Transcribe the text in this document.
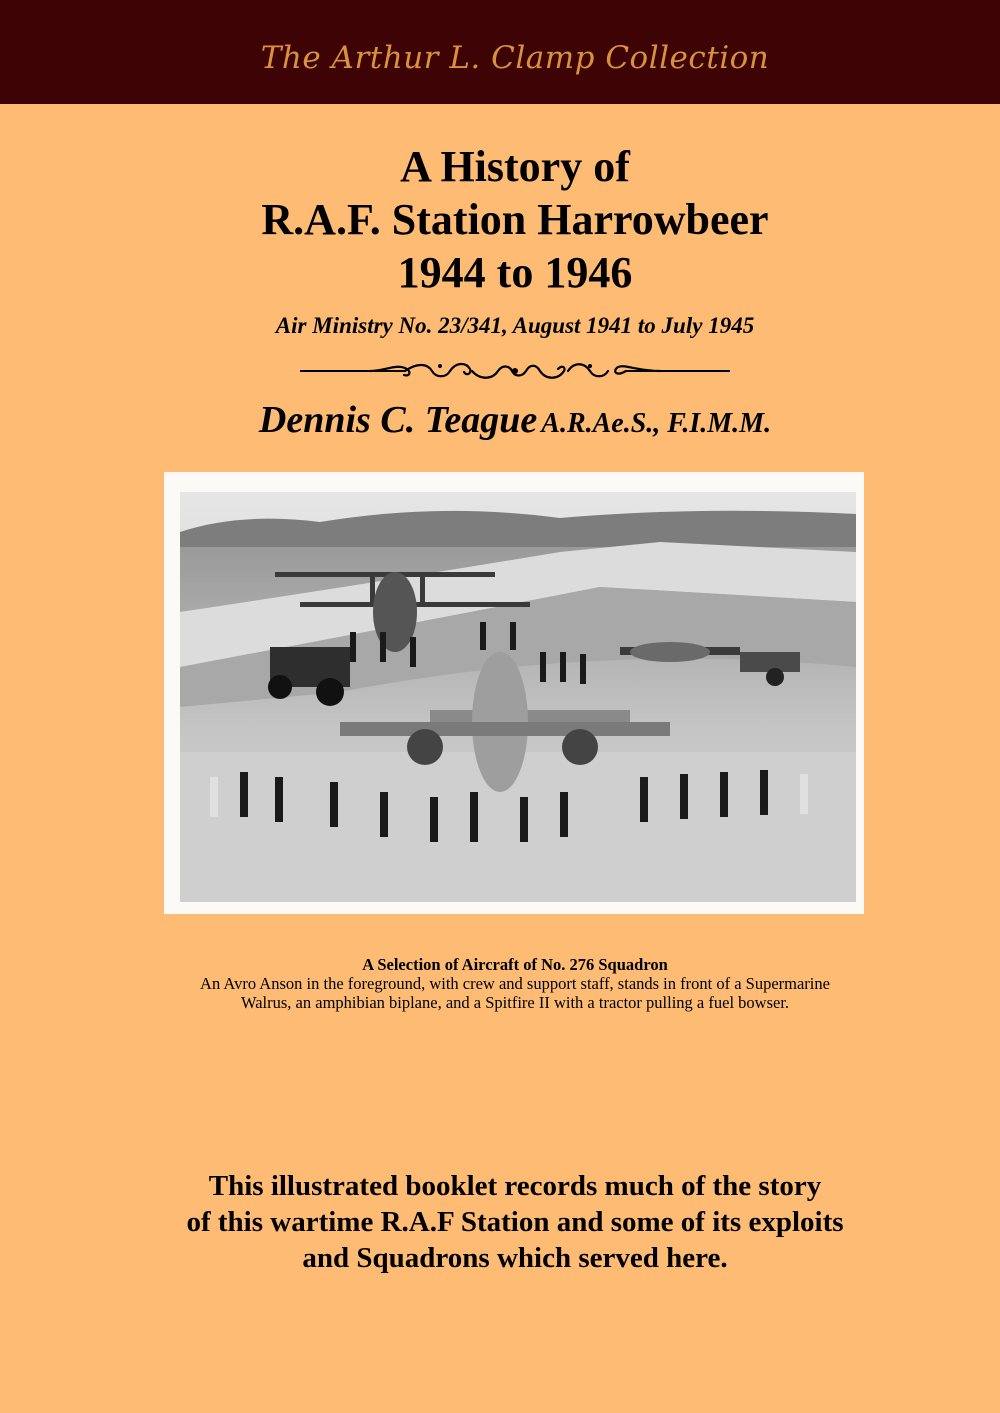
The Arthur L. Clamp Collection
A History of
R.A.F. Station Harrowbeer
1944 to 1946
Air Ministry No. 23/341, August 1941 to July 1945
Dennis C. Teague A.R.Ae.S., F.I.M.M.
A Selection of Aircraft of No. 276 Squadron
An Avro Anson in the foreground, with crew and support staff, stands in front of a Supermarine
Walrus, an amphibian biplane, and a Spitfire II with a tractor pulling a fuel bowser.
This illustrated booklet records much of the story
of this wartime R.A.F Station and some of its exploits
and Squadrons which served here.
